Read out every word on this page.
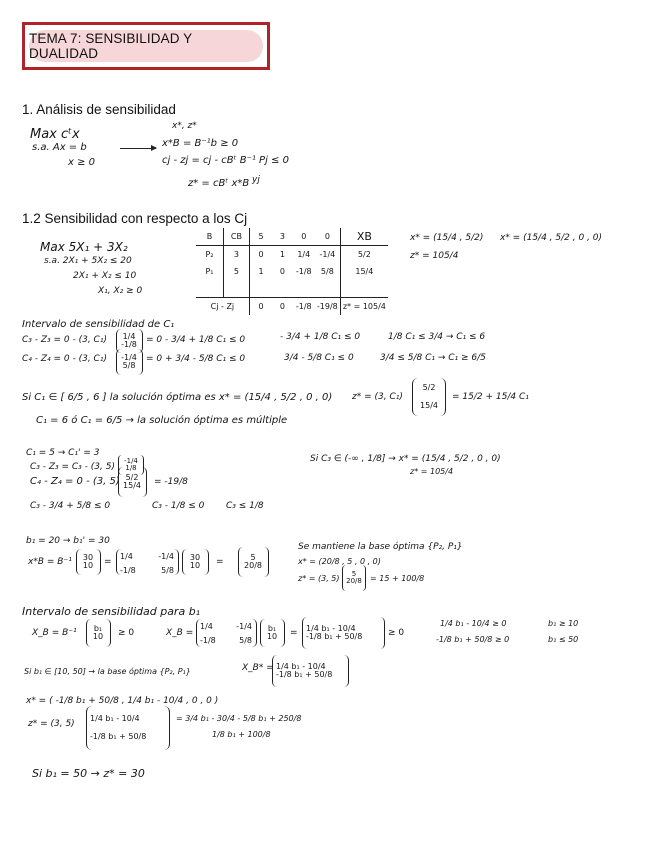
TEMA 7: SENSIBILIDAD Y DUALIDAD
1. Análisis de sensibilidad
x*, z*
Max cᵗx
s.a. Ax = b
x ≥ 0
x*B = B⁻¹b ≥ 0
cj - zj = cj - cBᵗ B⁻¹ Pj ≤ 0
yj
z* = cBᵗ x*B
1.2 Sensibilidad con respecto a los Cj
Max 5X₁ + 3X₂
s.a. 2X₁ + 5X₂ ≤ 20
2X₁ + X₂ ≤ 10
X₁, X₂ ≥ 0
B	CB	5	3	0	0	XB
P₂	3	0	1	1/4	-1/4	5/2
P₁	5	1	0	-1/8	5/8	15/4

Cj - Zj		0	0	-1/8	-19/8	z* = 105/4
x* = (15/4 , 5/2) x* = (15/4 , 5/2 , 0 , 0)
z* = 105/4
Intervalo de sensibilidad de C₁
C₃ - Z₃ = 0 - (3, C₁) 1/4
-1/8 = 0 - 3/4 + 1/8 C₁ ≤ 0
C₄ - Z₄ = 0 - (3, C₁) -1/4
5/8
= 0 + 3/4 - 5/8 C₁ ≤ 0
- 3/4 + 1/8 C₁ ≤ 0	1/8 C₁ ≤ 3/4 → C₁ ≤ 6
3/4 - 5/8 C₁ ≤ 0	3/4 ≤ 5/8 C₁ → C₁ ≥ 6/5
Si C₁ ∈ [ 6/5 , 6 ] la solución óptima es x* = (15/4 , 5/2 , 0 , 0) z* = (3, C₁)
5/2
15/4
= 15/2 + 15/4 C₁
C₁ = 6 ó C₁ = 6/5 → la solución óptima es múltiple
C₁ = 5 → C₁' = 3
C₃ - Z₃ = C₃ - (3, 5)
-1/4
1/8
C₄ - Z₄ = 0 - (3, 5) 5/2
15/4 = -19/8
C₃ - 3/4 + 5/8 ≤ 0	C₃ - 1/8 ≤ 0 C₃ ≤ 1/8
Si C₃ ∈ (-∞ , 1/8] → x* = (15/4 , 5/2 , 0 , 0)
z* = 105/4
b₁ = 20 → b₁' = 30
x*B = B⁻¹ 30
10 =
1/4	-1/4
-1/8	5/8
30
10 =	5
20/8
Se mantiene la base óptima {P₂, P₁}
x* = (20/8 , 5 , 0 , 0)
z* = (3, 5) 5
20/8 = 15 + 100/8
Intervalo de sensibilidad para b₁
X_B = B⁻¹ b₁
10 ≥ 0	X_B =
1/4	-1/4
-1/8	5/8
b₁
10 = 1/4 b₁ - 10/4
-1/8 b₁ + 50/8	≥ 0
1/4 b₁ - 10/4 ≥ 0
-1/8 b₁ + 50/8 ≥ 0
b₁ ≥ 10
b₁ ≤ 50
Si b₁ ∈ [10, 50] → la base óptima {P₂, P₁}	X_B* = 1/4 b₁ - 10/4
-1/8 b₁ + 50/8
x* = ( -1/8 b₁ + 50/8 , 1/4 b₁ - 10/4 , 0 , 0 )
z* = (3, 5)
1/4 b₁ - 10/4
-1/8 b₁ + 50/8
= 3/4 b₁ - 30/4 - 5/8 b₁ + 250/8
1/8 b₁ + 100/8
Si b₁ = 50 → z* = 30
